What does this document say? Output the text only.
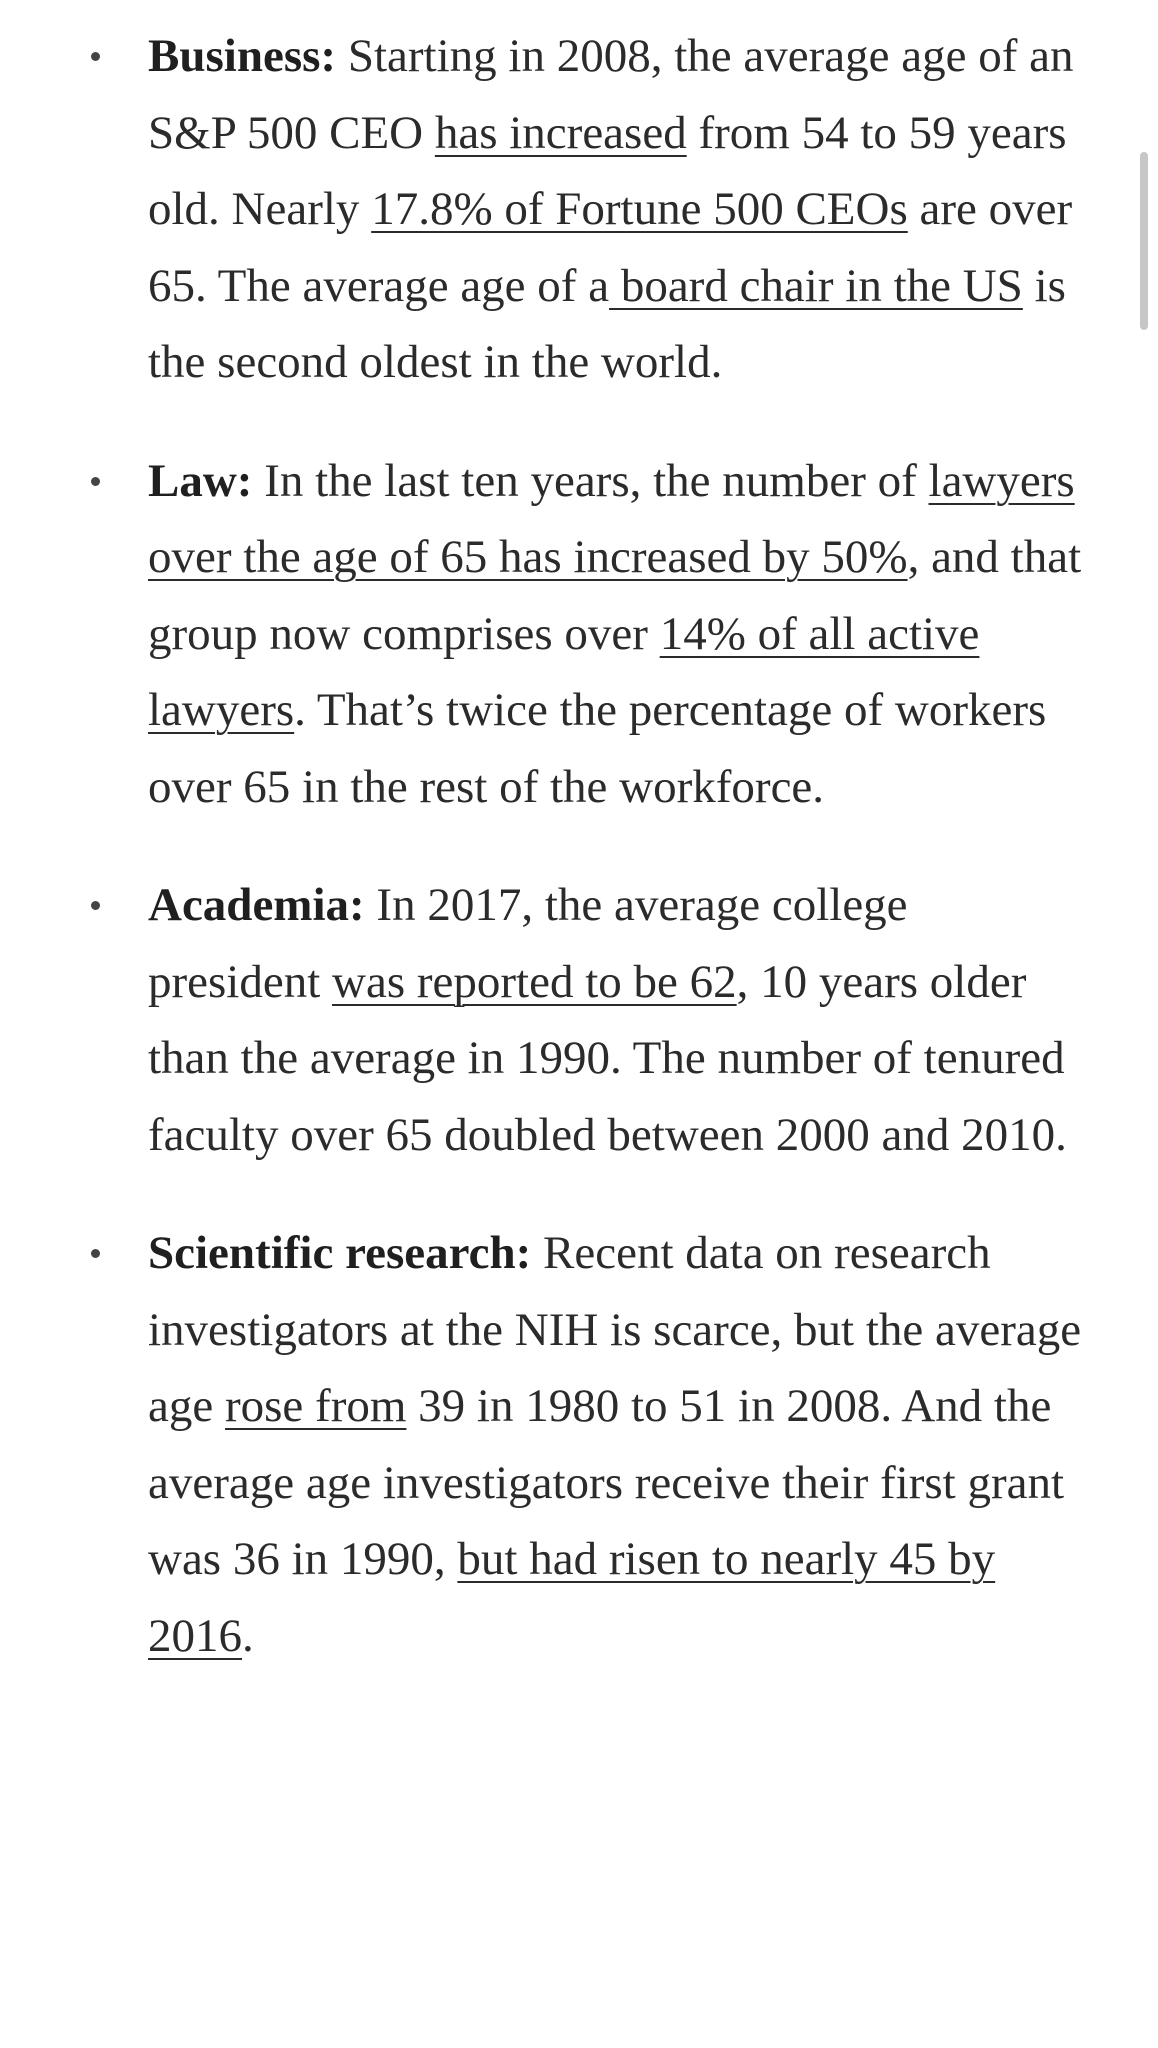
Business: Starting in 2008, the average age of an S&P 500 CEO has increased from 54 to 59 years old. Nearly 17.8% of Fortune 500 CEOs are over 65. The average age of a board chair in the US is the second oldest in the world.
Law: In the last ten years, the number of lawyers over the age of 65 has increased by 50%, and that group now comprises over 14% of all active lawyers. That’s twice the percentage of workers over 65 in the rest of the workforce.
Academia: In 2017, the average college president was reported to be 62, 10 years older than the average in 1990. The number of tenured faculty over 65 doubled between 2000 and 2010.
Scientific research: Recent data on research investigators at the NIH is scarce, but the average age rose from 39 in 1980 to 51 in 2008. And the average age investigators receive their first grant was 36 in 1990, but had risen to nearly 45 by 2016.
